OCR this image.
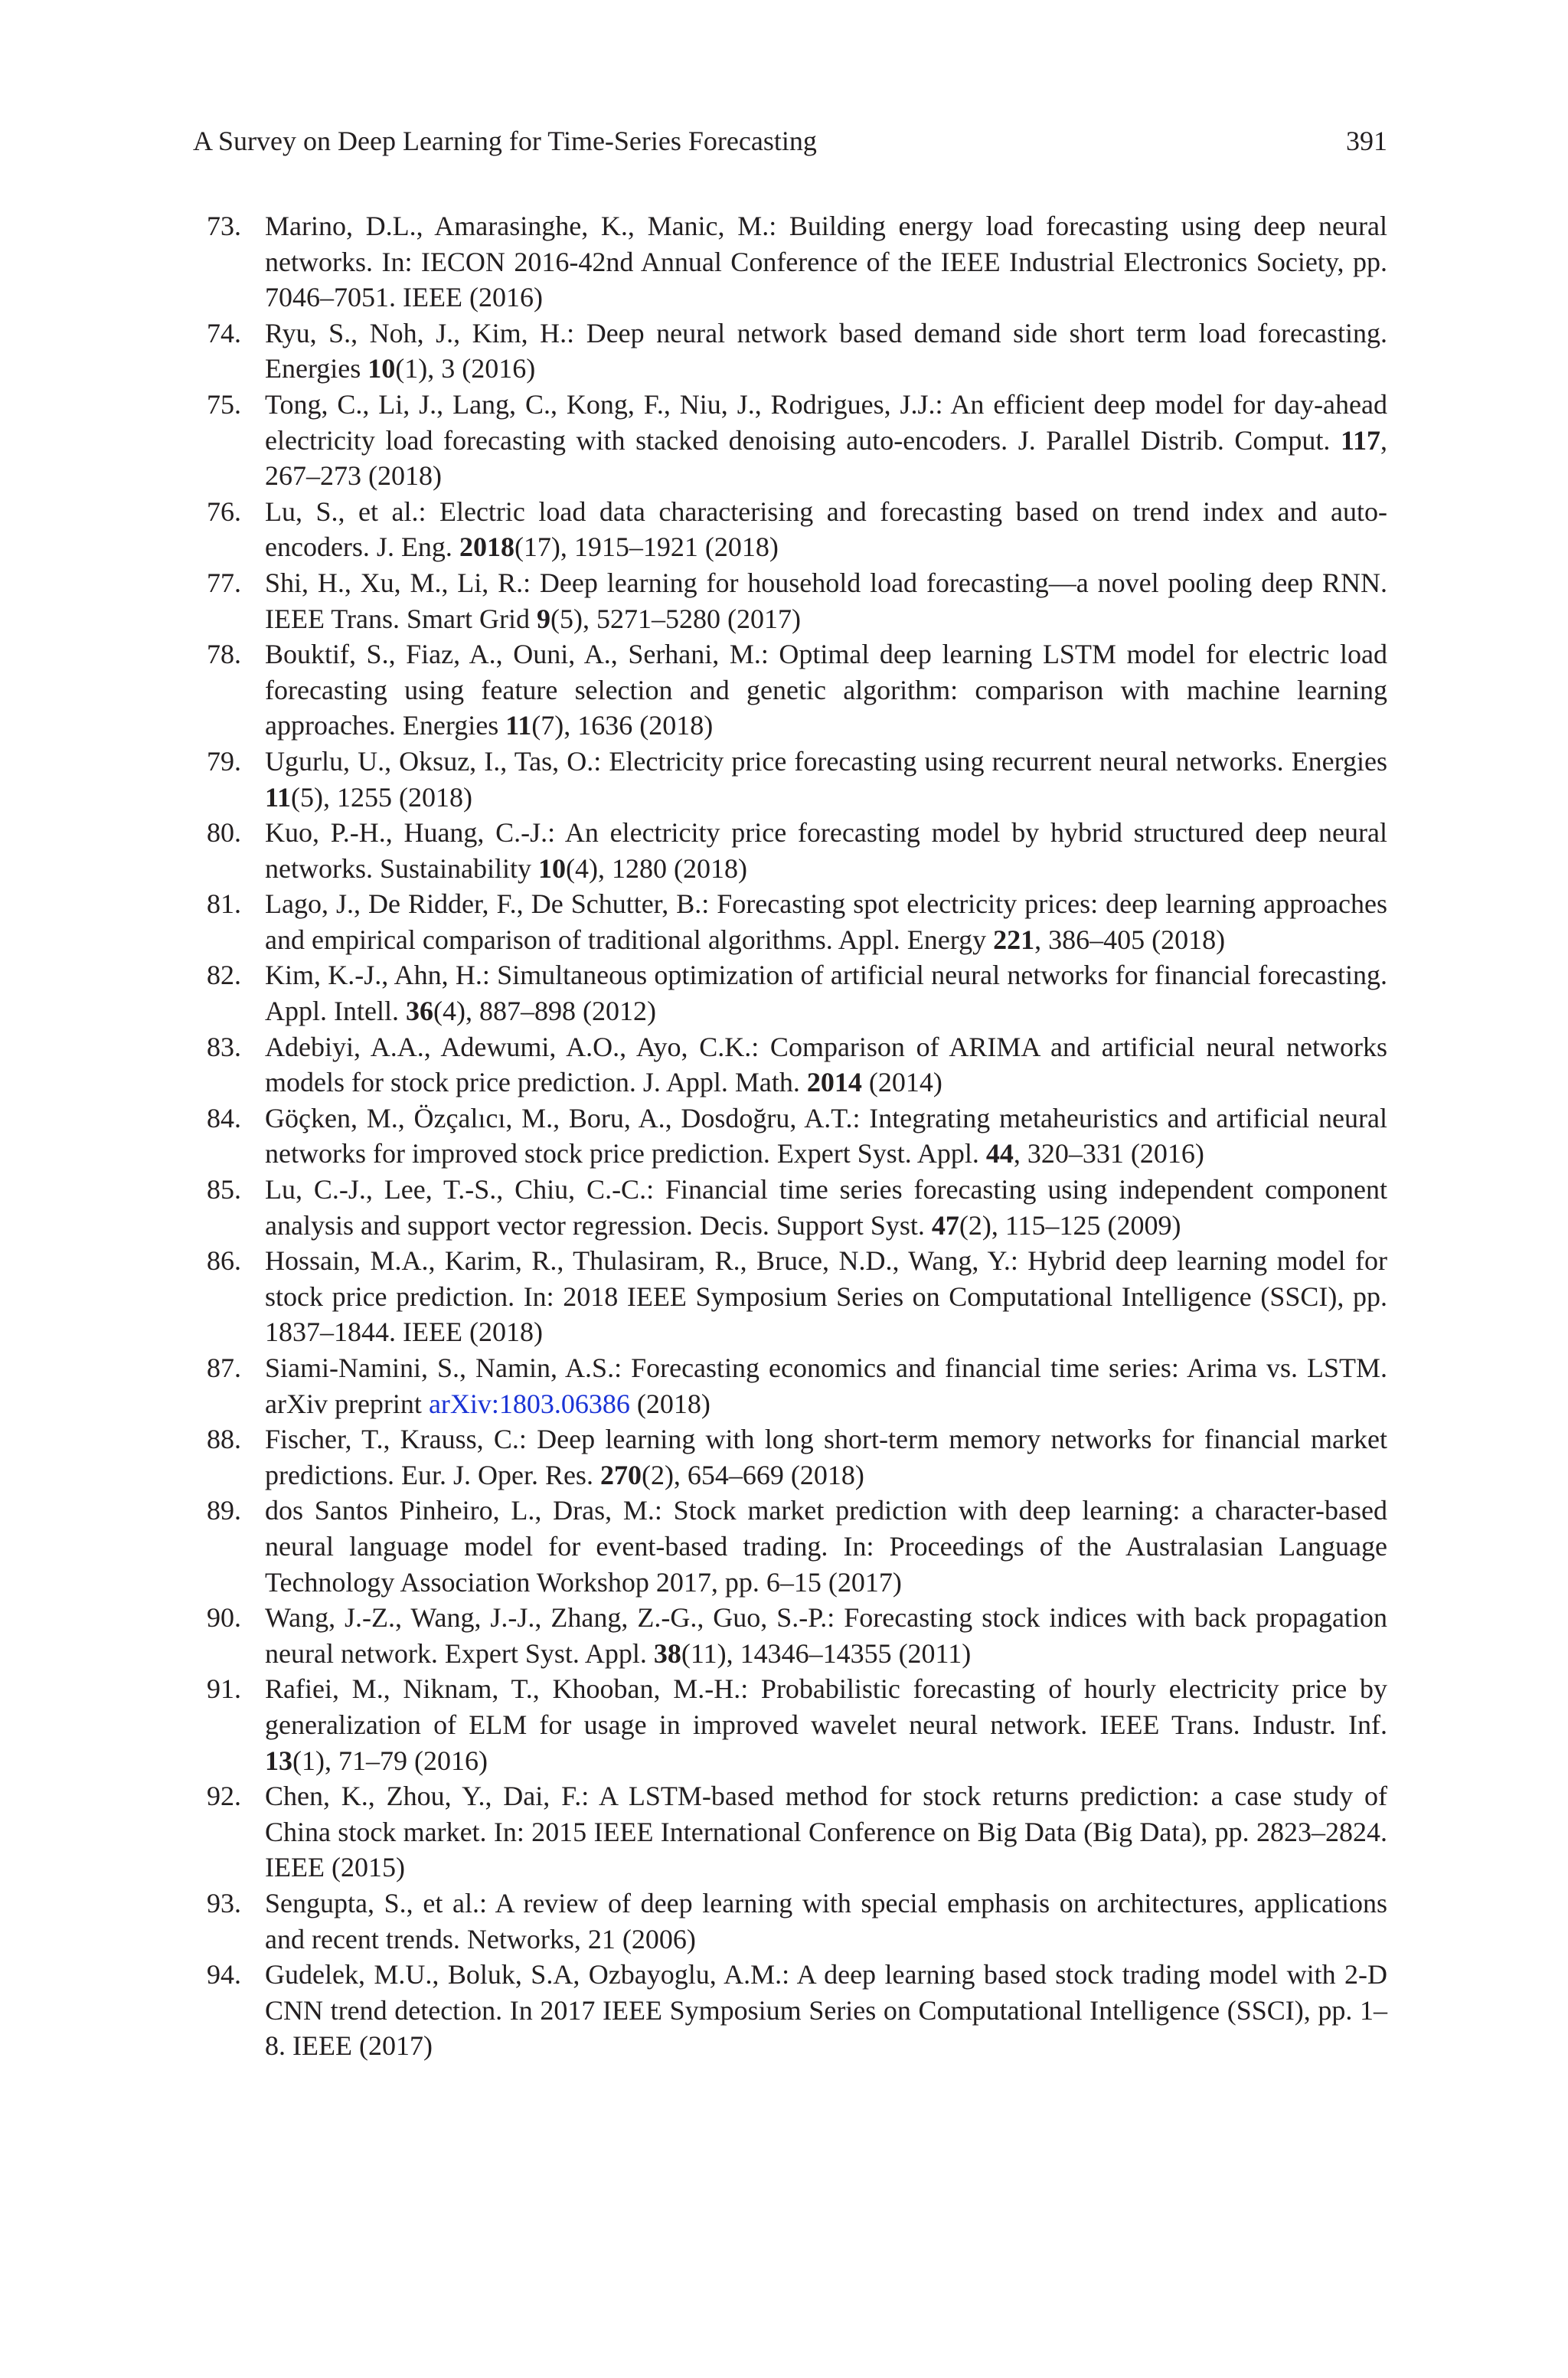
A Survey on Deep Learning for Time-Series Forecasting	391
73. Marino, D.L., Amarasinghe, K., Manic, M.: Building energy load forecasting using deep neural networks. In: IECON 2016-42nd Annual Conference of the IEEE Industrial Electronics Society, pp. 7046–7051. IEEE (2016)
74. Ryu, S., Noh, J., Kim, H.: Deep neural network based demand side short term load forecasting. Energies 10(1), 3 (2016)
75. Tong, C., Li, J., Lang, C., Kong, F., Niu, J., Rodrigues, J.J.: An efficient deep model for day-ahead electricity load forecasting with stacked denoising auto-encoders. J. Parallel Distrib. Comput. 117, 267–273 (2018)
76. Lu, S., et al.: Electric load data characterising and forecasting based on trend index and auto-encoders. J. Eng. 2018(17), 1915–1921 (2018)
77. Shi, H., Xu, M., Li, R.: Deep learning for household load forecasting—a novel pooling deep RNN. IEEE Trans. Smart Grid 9(5), 5271–5280 (2017)
78. Bouktif, S., Fiaz, A., Ouni, A., Serhani, M.: Optimal deep learning LSTM model for electric load forecasting using feature selection and genetic algorithm: comparison with machine learning approaches. Energies 11(7), 1636 (2018)
79. Ugurlu, U., Oksuz, I., Tas, O.: Electricity price forecasting using recurrent neural networks. Energies 11(5), 1255 (2018)
80. Kuo, P.-H., Huang, C.-J.: An electricity price forecasting model by hybrid structured deep neural networks. Sustainability 10(4), 1280 (2018)
81. Lago, J., De Ridder, F., De Schutter, B.: Forecasting spot electricity prices: deep learning approaches and empirical comparison of traditional algorithms. Appl. Energy 221, 386–405 (2018)
82. Kim, K.-J., Ahn, H.: Simultaneous optimization of artificial neural networks for financial forecasting. Appl. Intell. 36(4), 887–898 (2012)
83. Adebiyi, A.A., Adewumi, A.O., Ayo, C.K.: Comparison of ARIMA and artificial neural networks models for stock price prediction. J. Appl. Math. 2014 (2014)
84. Göçken, M., Özçalıcı, M., Boru, A., Dosdoğru, A.T.: Integrating metaheuristics and artificial neural networks for improved stock price prediction. Expert Syst. Appl. 44, 320–331 (2016)
85. Lu, C.-J., Lee, T.-S., Chiu, C.-C.: Financial time series forecasting using independent component analysis and support vector regression. Decis. Support Syst. 47(2), 115–125 (2009)
86. Hossain, M.A., Karim, R., Thulasiram, R., Bruce, N.D., Wang, Y.: Hybrid deep learning model for stock price prediction. In: 2018 IEEE Symposium Series on Computational Intelligence (SSCI), pp. 1837–1844. IEEE (2018)
87. Siami-Namini, S., Namin, A.S.: Forecasting economics and financial time series: Arima vs. LSTM. arXiv preprint arXiv:1803.06386 (2018)
88. Fischer, T., Krauss, C.: Deep learning with long short-term memory networks for financial market predictions. Eur. J. Oper. Res. 270(2), 654–669 (2018)
89. dos Santos Pinheiro, L., Dras, M.: Stock market prediction with deep learning: a character-based neural language model for event-based trading. In: Proceedings of the Australasian Language Technology Association Workshop 2017, pp. 6–15 (2017)
90. Wang, J.-Z., Wang, J.-J., Zhang, Z.-G., Guo, S.-P.: Forecasting stock indices with back propagation neural network. Expert Syst. Appl. 38(11), 14346–14355 (2011)
91. Rafiei, M., Niknam, T., Khooban, M.-H.: Probabilistic forecasting of hourly electricity price by generalization of ELM for usage in improved wavelet neural network. IEEE Trans. Industr. Inf. 13(1), 71–79 (2016)
92. Chen, K., Zhou, Y., Dai, F.: A LSTM-based method for stock returns prediction: a case study of China stock market. In: 2015 IEEE International Conference on Big Data (Big Data), pp. 2823–2824. IEEE (2015)
93. Sengupta, S., et al.: A review of deep learning with special emphasis on architectures, applications and recent trends. Networks, 21 (2006)
94. Gudelek, M.U., Boluk, S.A, Ozbayoglu, A.M.: A deep learning based stock trading model with 2-D CNN trend detection. In 2017 IEEE Symposium Series on Computational Intelligence (SSCI), pp. 1–8. IEEE (2017)
